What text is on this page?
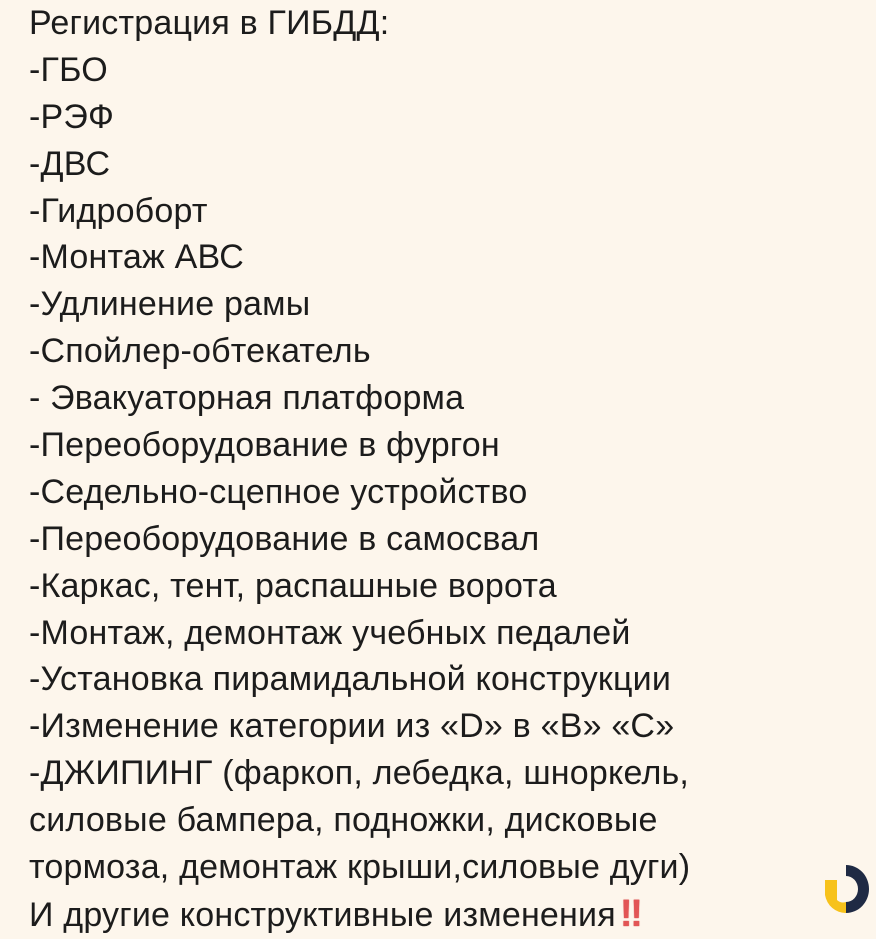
Регистрация в ГИБДД:
-ГБО
-РЭФ
-ДВС
-Гидроборт
-Монтаж АВС
-Удлинение рамы
-Спойлер-обтекатель
- Эвакуаторная платформа
-Переоборудование в фургон
-Седельно-сцепное устройство
-Переоборудование в самосвал
-Каркас, тент, распашные ворота
-Монтаж, демонтаж учебных педалей
-Установка пирамидальной конструкции
-Изменение категории из «D» в «В» «С»
-ДЖИПИНГ (фаркоп, лебедка, шноркель,
силовые бампера, подножки, дисковые
тормоза, демонтаж крыши,силовые дуги)
И другие конструктивные изменения ‼
